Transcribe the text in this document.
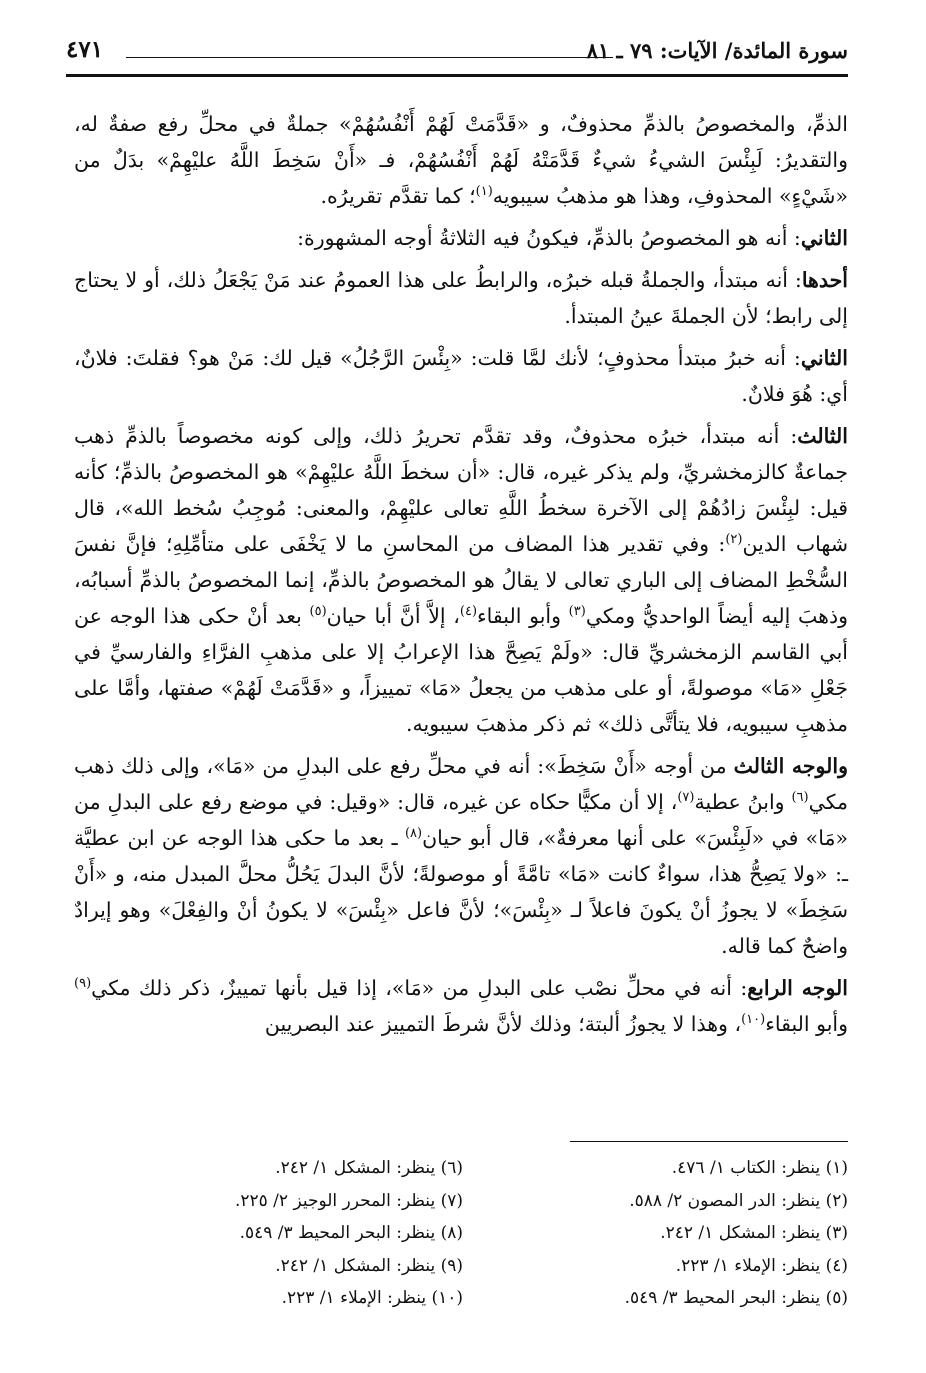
سورة المائدة/ الآيات: ٧٩ ـ ٨١
٤٧١

الذمِّ، والمخصوصُ بالذمِّ محذوفٌ، و «قَدَّمَتْ لَهُمْ أَنْفُسُهُمْ» جملةٌ في محلِّ رفع صفةٌ له، والتقديرُ: لَبِئْسَ الشيءُ شيءٌ قَدَّمَتْهُ لَهُمْ أَنْفُسُهُمْ، فـ «أَنْ سَخِطَ اللَّهُ عليْهِمْ» بدَلٌ من «شَيْءٍ» المحذوفِ، وهذا هو مذهبُ سيبويه$^{(١)}$؛ كما تقدَّم تقريرُه.

الثاني: أنه هو المخصوصُ بالذمِّ، فيكونُ فيه الثلاثةُ أوجه المشهورة:

أحدها: أنه مبتدأ، والجملةُ قبله خبرُه، والرابطُ على هذا العمومُ عند مَنْ يَجْعَلُ ذلك، أو لا يحتاج إلى رابط؛ لأن الجملةَ عينُ المبتدأ.

الثاني: أنه خبرُ مبتدأ محذوفٍ؛ لأنك لمَّا قلت: «بِئْسَ الرَّجُلُ» قيل لك: مَنْ هو؟ فقلتَ: فلانٌ، أي: هُوَ فلانٌ.

الثالث: أنه مبتدأ، خبرُه محذوفٌ، وقد تقدَّم تحريرُ ذلك، وإلى كونه مخصوصاً بالذمِّ ذهب جماعةٌ كالزمخشريِّ، ولم يذكر غيره، قال: «أن سخطَ اللَّهُ عليْهِمْ» هو المخصوصُ بالذمِّ؛ كأنه قيل: لبِئْسَ زادُهُمْ إلى الآخرة سخطُ اللَّهِ تعالى عليْهِمْ، والمعنى: مُوجِبُ سُخط الله»، قال شهاب الدين$^{(٢)}$: وفي تقدير هذا المضاف من المحاسنِ ما لا يَخْفَى على متأمِّلِهِ؛ فإنَّ نفسَ السُّخْطِ المضاف إلى الباري تعالى لا يقالُ هو المخصوصُ بالذمِّ، إنما المخصوصُ بالذمِّ أسبابُه، وذهبَ إليه أيضاً الواحديُّ ومكي$^{(٣)}$ وأبو البقاء$^{(٤)}$، إلاَّ أنَّ أبا حيان$^{(٥)}$ بعد أنْ حكى هذا الوجه عن أبي القاسم الزمخشريِّ قال: «ولَمْ يَصِحَّ هذا الإعرابُ إلا على مذهبِ الفرَّاءِ والفارسيِّ في جَعْلِ «مَا» موصولةً، أو على مذهب من يجعلُ «مَا» تمييزاً، و «قَدَّمَتْ لَهُمْ» صفتها، وأمَّا على مذهبِ سيبويه، فلا يتأتَّى ذلك» ثم ذكر مذهبَ سيبويه.

والوجه الثالث من أوجه «أَنْ سَخِطَ»: أنه في محلِّ رفع على البدلِ من «مَا»، وإلى ذلك ذهب مكي$^{(٦)}$ وابنُ عطية$^{(٧)}$، إلا أن مكيًّا حكاه عن غيره، قال: «وقيل: في موضع رفع على البدلِ من «مَا» في «لَبِئْسَ» على أنها معرفةٌ»، قال أبو حيان$^{(٨)}$ ـ بعد ما حكى هذا الوجه عن ابن عطيَّة ـ: «ولا يَصِحُّ هذا، سواءٌ كانت «مَا» تامَّةً أو موصولةً؛ لأنَّ البدلَ يَحُلُّ محلَّ المبدل منه، و «أَنْ سَخِطَ» لا يجوزُ أنْ يكونَ فاعلاً لـ «بِئْسَ»؛ لأنَّ فاعل «بِئْسَ» لا يكونُ أنْ والفِعْلَ» وهو إيرادٌ واضحٌ كما قاله.

الوجه الرابع: أنه في محلِّ نصْب على البدلِ من «مَا»، إذا قيل بأنها تمييزٌ، ذكر ذلك مكي$^{(٩)}$ وأبو البقاء$^{(١٠)}$، وهذا لا يجوزُ ألبتة؛ وذلك لأنَّ شرطَ التمييز عند البصريين

(١) ينظر: الكتاب ١/ ٤٧٦.
(٢) ينظر: الدر المصون ٢/ ٥٨٨.
(٣) ينظر: المشكل ١/ ٢٤٢.
(٤) ينظر: الإملاء ١/ ٢٢٣.
(٥) ينظر: البحر المحيط ٣/ ٥٤٩.
(٦) ينظر: المشكل ١/ ٢٤٢.
(٧) ينظر: المحرر الوجيز ٢/ ٢٢٥.
(٨) ينظر: البحر المحيط ٣/ ٥٤٩.
(٩) ينظر: المشكل ١/ ٢٤٢.
(١٠) ينظر: الإملاء ١/ ٢٢٣.
